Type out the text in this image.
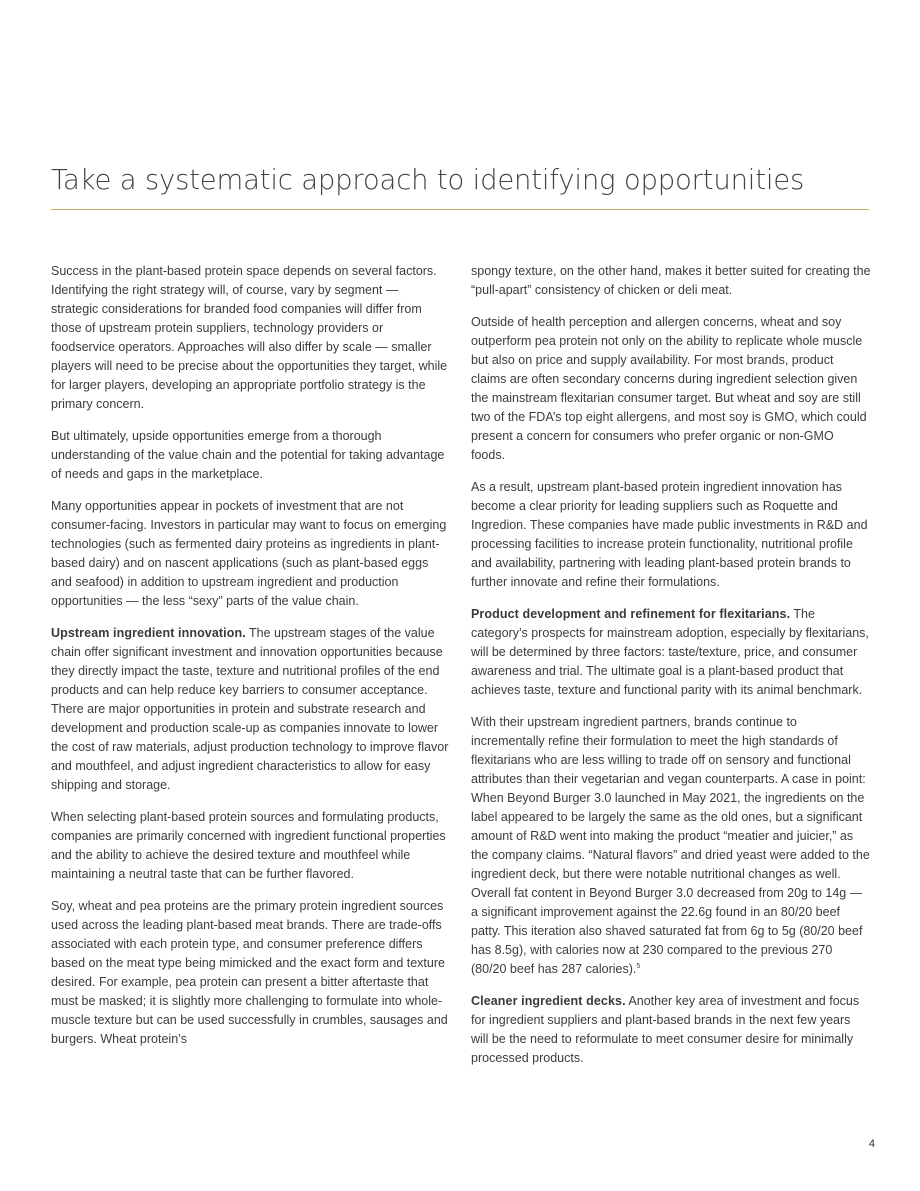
Take a systematic approach to identifying opportunities

Success in the plant-based protein space depends on several factors. Identifying the right strategy will, of course, vary by segment — strategic considerations for branded food companies will differ from those of upstream protein suppliers, technology providers or foodservice operators. Approaches will also differ by scale — smaller players will need to be precise about the opportunities they target, while for larger players, developing an appropriate portfolio strategy is the primary concern.

But ultimately, upside opportunities emerge from a thorough understanding of the value chain and the potential for taking advantage of needs and gaps in the marketplace.

Many opportunities appear in pockets of investment that are not consumer-facing. Investors in particular may want to focus on emerging technologies (such as fermented dairy proteins as ingredients in plant-based dairy) and on nascent applications (such as plant-based eggs and seafood) in addition to upstream ingredient and production opportunities — the less “sexy” parts of the value chain.

Upstream ingredient innovation. The upstream stages of the value chain offer significant investment and innovation opportunities because they directly impact the taste, texture and nutritional profiles of the end products and can help reduce key barriers to consumer acceptance. There are major opportunities in protein and substrate research and development and production scale-up as companies innovate to lower the cost of raw materials, adjust production technology to improve flavor and mouthfeel, and adjust ingredient characteristics to allow for easy shipping and storage.

When selecting plant-based protein sources and formulating products, companies are primarily concerned with ingredient functional properties and the ability to achieve the desired texture and mouthfeel while maintaining a neutral taste that can be further flavored.

Soy, wheat and pea proteins are the primary protein ingredient sources used across the leading plant-based meat brands. There are trade-offs associated with each protein type, and consumer preference differs based on the meat type being mimicked and the exact form and texture desired. For example, pea protein can present a bitter aftertaste that must be masked; it is slightly more challenging to formulate into whole-muscle texture but can be used successfully in crumbles, sausages and burgers. Wheat protein’s

spongy texture, on the other hand, makes it better suited for creating the “pull-apart” consistency of chicken or deli meat.

Outside of health perception and allergen concerns, wheat and soy outperform pea protein not only on the ability to replicate whole muscle but also on price and supply availability. For most brands, product claims are often secondary concerns during ingredient selection given the mainstream flexitarian consumer target. But wheat and soy are still two of the FDA’s top eight allergens, and most soy is GMO, which could present a concern for consumers who prefer organic or non-GMO foods.

As a result, upstream plant-based protein ingredient innovation has become a clear priority for leading suppliers such as Roquette and Ingredion. These companies have made public investments in R&D and processing facilities to increase protein functionality, nutritional profile and availability, partnering with leading plant-based protein brands to further innovate and refine their formulations.

Product development and refinement for flexitarians. The category’s prospects for mainstream adoption, especially by flexitarians, will be determined by three factors: taste/texture, price, and consumer awareness and trial. The ultimate goal is a plant-based product that achieves taste, texture and functional parity with its animal benchmark.

With their upstream ingredient partners, brands continue to incrementally refine their formulation to meet the high standards of flexitarians who are less willing to trade off on sensory and functional attributes than their vegetarian and vegan counterparts. A case in point: When Beyond Burger 3.0 launched in May 2021, the ingredients on the label appeared to be largely the same as the old ones, but a significant amount of R&D went into making the product “meatier and juicier,” as the company claims. “Natural flavors” and dried yeast were added to the ingredient deck, but there were notable nutritional changes as well. Overall fat content in Beyond Burger 3.0 decreased from 20g to 14g — a significant improvement against the 22.6g found in an 80/20 beef patty. This iteration also shaved saturated fat from 6g to 5g (80/20 beef has 8.5g), with calories now at 230 compared to the previous 270 (80/20 beef has 287 calories).$^5$

Cleaner ingredient decks. Another key area of investment and focus for ingredient suppliers and plant-based brands in the next few years will be the need to reformulate to meet consumer desire for minimally processed products.

4
